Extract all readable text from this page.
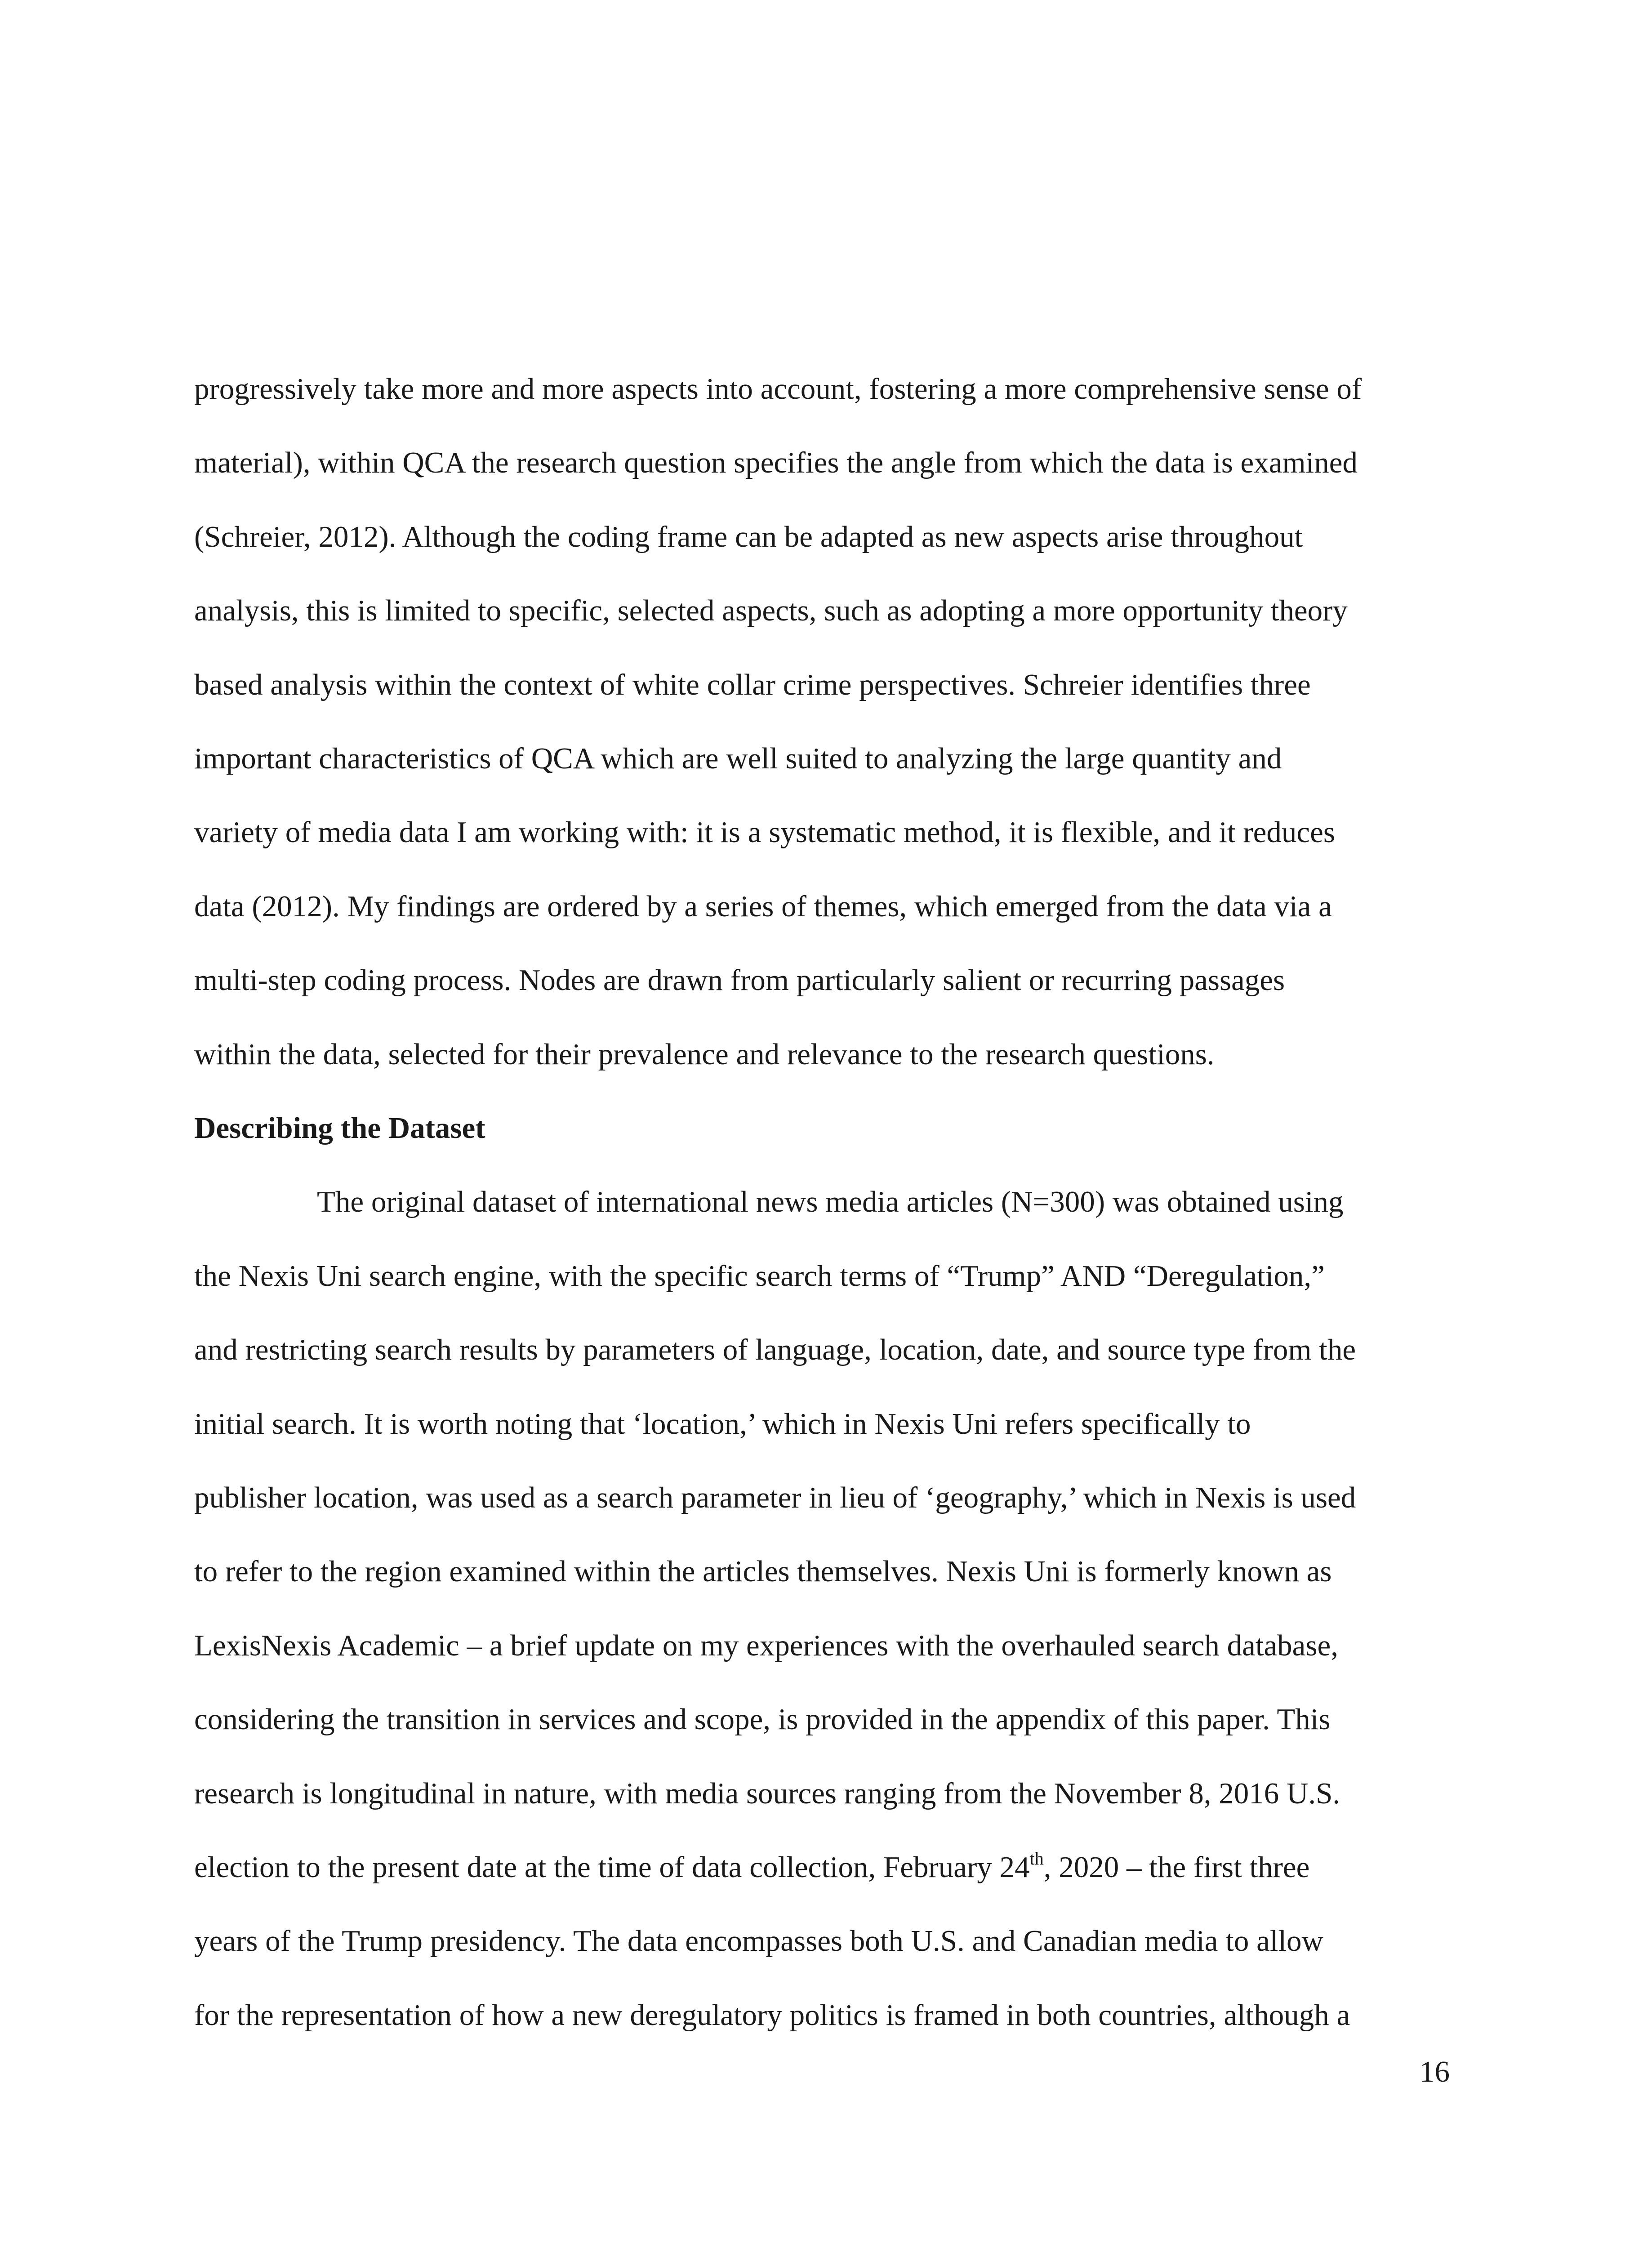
progressively take more and more aspects into account, fostering a more comprehensive sense of
material), within QCA the research question specifies the angle from which the data is examined
(Schreier, 2012). Although the coding frame can be adapted as new aspects arise throughout
analysis, this is limited to specific, selected aspects, such as adopting a more opportunity theory
based analysis within the context of white collar crime perspectives. Schreier identifies three
important characteristics of QCA which are well suited to analyzing the large quantity and
variety of media data I am working with: it is a systematic method, it is flexible, and it reduces
data (2012). My findings are ordered by a series of themes, which emerged from the data via a
multi-step coding process. Nodes are drawn from particularly salient or recurring passages
within the data, selected for their prevalence and relevance to the research questions.
Describing the Dataset
The original dataset of international news media articles (N=300) was obtained using
the Nexis Uni search engine, with the specific search terms of “Trump” AND “Deregulation,”
and restricting search results by parameters of language, location, date, and source type from the
initial search. It is worth noting that ‘location,’ which in Nexis Uni refers specifically to
publisher location, was used as a search parameter in lieu of ‘geography,’ which in Nexis is used
to refer to the region examined within the articles themselves. Nexis Uni is formerly known as
LexisNexis Academic – a brief update on my experiences with the overhauled search database,
considering the transition in services and scope, is provided in the appendix of this paper. This
research is longitudinal in nature, with media sources ranging from the November 8, 2016 U.S.
election to the present date at the time of data collection, February 24th, 2020 – the first three
years of the Trump presidency. The data encompasses both U.S. and Canadian media to allow
for the representation of how a new deregulatory politics is framed in both countries, although a
16
